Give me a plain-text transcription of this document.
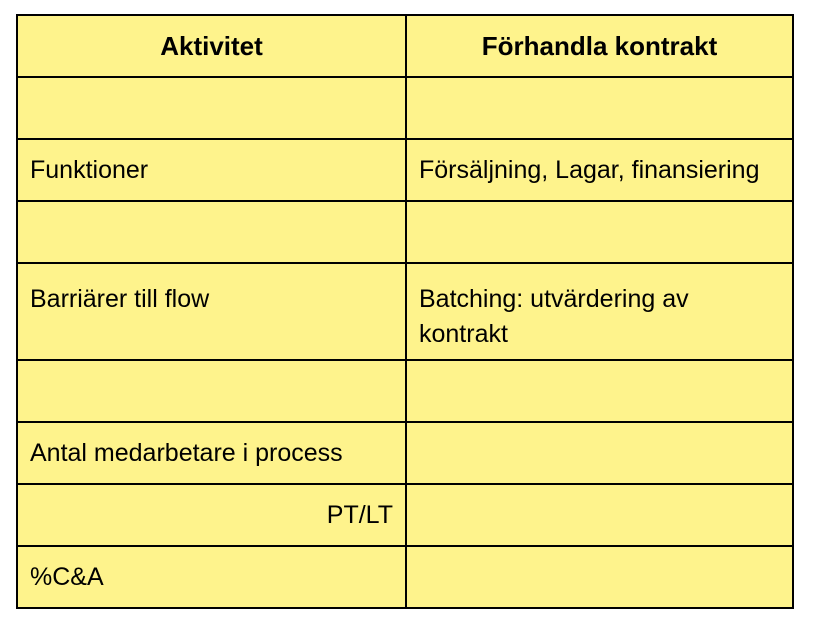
Aktivitet	Förhandla kontrakt

Funktioner	Försäljning, Lagar, finansiering

Barriärer till flow	Batching: utvärdering av kontrakt

Antal medarbetare i process	
PT/LT	
%C&A	
